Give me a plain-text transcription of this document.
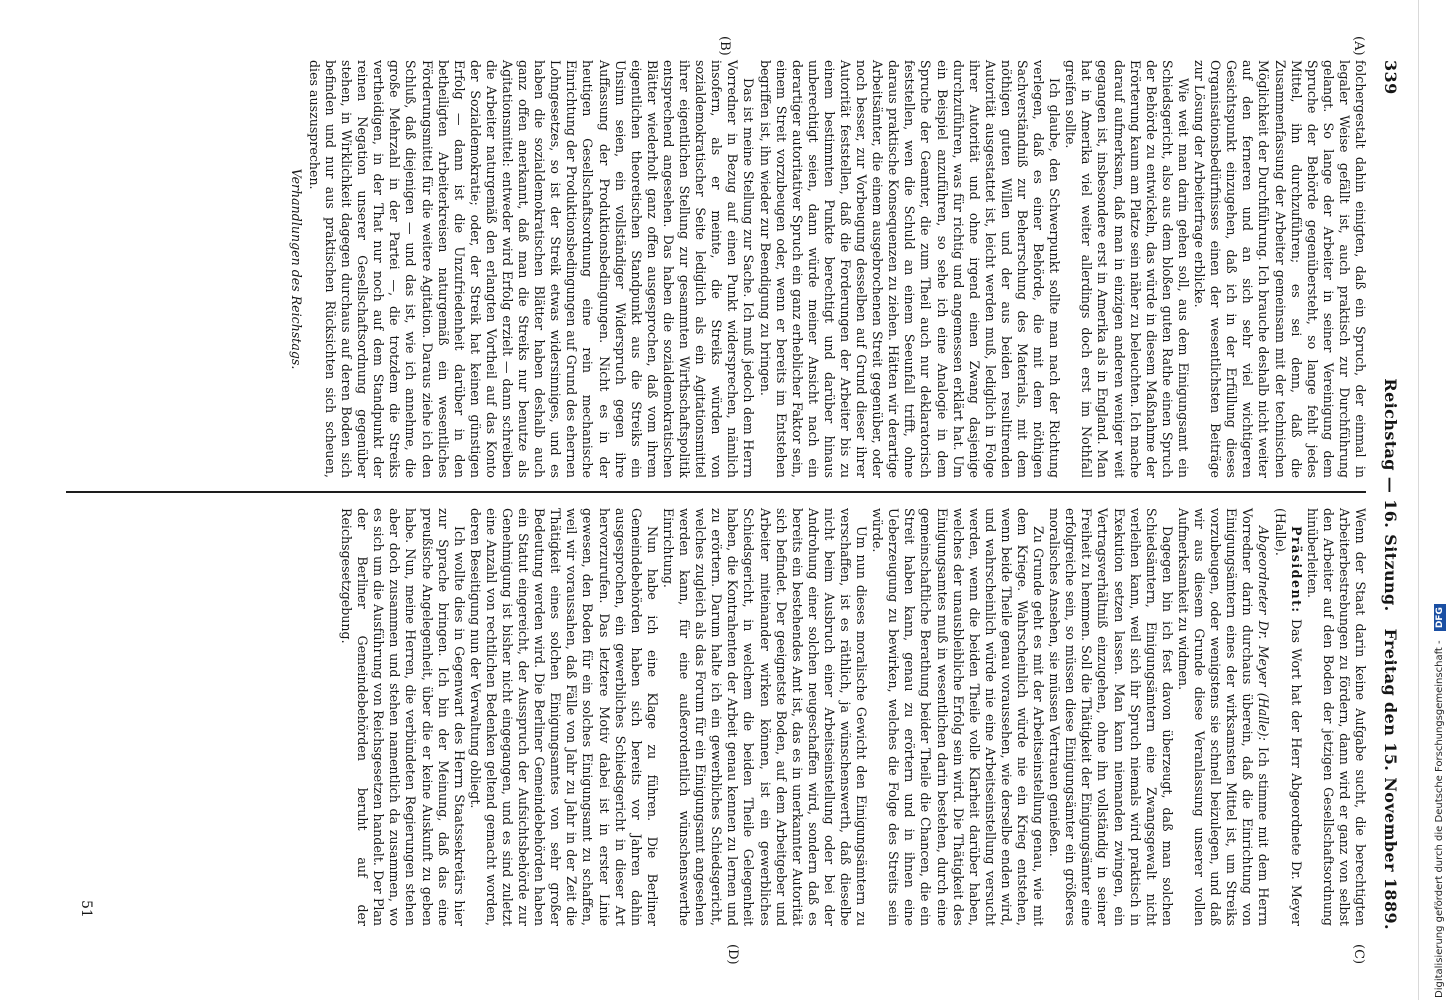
339
Reichstag — 16. Sitzung.
Freitag den 15. November 1889.
(A)
(B)
(C)
(D)

folchergestalt dahin einigten, daß ein Spruch, der einmal in legaler Weise gefällt ist, auch praktisch zur Durchführung gelangt. So lange der Arbeiter in seiner Vereinigung dem Spruche der Behörde gegenübersteht, so lange fehlt jedes Mittel, ihn durchzuführen; es sei denn, daß die Zusammenfassung der Arbeiter gemeinsam mit der technischen Möglichkeit der Durchführung. Ich brauche deshalb nicht weiter auf den ferneren und an sich sehr viel wichtigeren Gesichtspunkt einzugehen, daß ich in der Erfüllung dieses Organisationsbedürfnisses einen der wesentlichsten Beiträge zur Lösung der Arbeiterfrage erblicke.

Wie weit man darin gehen soll, aus dem Einigungsamt ein Schiedsgericht, also aus dem bloßen guten Rathe einen Spruch der Behörde zu entwickeln, das würde in diesem Maßnahme der Erörterung kaum am Platze sein näher zu beleuchten. Ich mache darauf aufmerksam, daß man in einzigen anderen weniger weit gegangen ist, insbesondere erst in Amerika als in England. Man hat in Amerika viel weiter allerdings doch erst im Nothfall greifen sollte.

Ich glaube, den Schwerpunkt sollte man nach der Richtung verlegen, daß es einer Behörde, die mit dem nöthigen Sachverständniß zur Beherrschung des Materials, mit dem nöthigen guten Willen und der aus beiden resultirenden Autorität ausgestattet ist, leicht werden muß, lediglich in Folge ihrer Autorität und ohne irgend einen Zwang dasjenige durchzuführen, was für richtig und angemessen erklärt hat. Um ein Beispiel anzuführen, so sehe ich eine Analogie in dem Spruche der Geamter, die zum Theil auch nur deklaratorisch feststellen, wen die Schuld an einem Seeunfall trifft, ohne daraus praktische Konsequenzen zu ziehen. Hätten wir derartige Arbeitsämter, die einem ausgebrochenen Streit gegenüber, oder noch besser, zur Vorbeugung desselben auf Grund dieser ihrer Autorität feststellen, daß die Forderungen der Arbeiter bis zu einem bestimmten Punkte berechtigt und darüber hinaus unberechtigt seien, dann würde meiner Ansicht nach ein derartiger autoritativer Spruch ein ganz erheblicher Faktor sein, einem Streit vorzubeugen oder, wenn er bereits im Entstehen begriffen ist, ihn wieder zur Beendigung zu bringen.

Das ist meine Stellung zur Sache. Ich muß jedoch dem Herrn Vorredner in Bezug auf einen Punkt widersprechen, nämlich insofern, als er meinte, die Streiks würden von sozialdemokratischer Seite lediglich als ein Agitationsmittel ihrer eigentlichen Stellung zur gesammten Wirthschaftspolitik entsprechend angesehen. Das haben die sozialdemokratischen Blätter wiederholt ganz offen ausgesprochen, daß vom ihrem eigentlichen theoretischen Standpunkt aus die Streiks ein Unsinn seien, ein vollständiger Widerspruch gegen ihre Auffassung der Produktionsbedingungen. Nicht es in der heutigen Gesellschaftsordnung eine rein mechanische Einrichtung der Produktionsbedingungen auf Grund des ehernen Lohngesetzes, so ist der Streik etwas widersinniges, und es haben die sozialdemokratischen Blätter haben deshalb auch ganz offen anerkannt, daß man die Streiks nur benutze als Agitationsmittel: entweder wird Erfolg erzielt — dann schreiben die Arbeiter naturgemäß den erlangten Vortheil auf das Konto der Sozialdemokratie; oder, der Streik hat keinen günstigen Erfolg — dann ist die Unzufriedenheit darüber in den betheiligten Arbeiterkreisen naturgemäß ein wesentliches Förderungsmittel für die weitere Agitation. Daraus ziehe ich den Schluß, daß diejenigen — und das ist, wie ich annehme, die große Mehrzahl in der Partei —, die trotzdem die Streiks vertheidigen, in der That nur noch auf dem Standpunkt der reinen Negation unserer Gesellschaftsordnung gegenüber stehen, in Wirklichkeit dagegen durchaus auf deren Boden sich befinden und nur aus praktischen Rücksichten sich scheuen, dies auszusprechen.

Verhandlungen des Reichstags.

Wenn der Staat darin keine Aufgabe sucht, die berechtigten Arbeiterbestrebungen zu fördern, dann wird er ganz von selbst den Arbeiter auf den Boden der jetzigen Gesellschaftsordnung hinüberleiten.

Präsident: Das Wort hat der Herr Abgeordnete Dr. Meyer (Halle).

Abgeordneter Dr. Meyer (Halle): Ich stimme mit dem Herrn Vorredner darin durchaus überein, daß die Einrichtung von Einigungsämtern eines der wirksamsten Mittel ist, um Streiks vorzubeugen, oder wenigstens sie schnell beizulegen, und daß wir aus diesem Grunde diese Veranlassung unserer vollen Aufmerksamkeit zu widmen.

Dagegen bin ich fest davon überzeugt, daß man solchen Schiedsämtern, Einigungsämtern eine Zwangsgewalt nicht verleihen kann, weil sich ihr Spruch niemals wird praktisch in Exekution setzen lassen. Man kann niemanden zwingen, ein Vertragsverhältniß einzugehen, ohne ihn vollständig in seiner Freiheit zu hemmen. Soll die Thätigkeit der Einigungsämter eine erfolgreiche sein, so müssen diese Einigungsämter ein größeres moralisches Ansehen, sie müssen Vertrauen genießen.

Zu Grunde geht es mit der Arbeitseinstellung genau, wie mit dem Kriege. Wahrscheinlich würde nie ein Krieg entstehen, wenn beide Theile genau voraussehen, wie derselbe enden wird, und wahrscheinlich würde nie eine Arbeitseinstellung versucht werden, wenn die beiden Theile volle Klarheit darüber haben, welches der unausbleibliche Erfolg sein wird. Die Thätigkeit des Einigungsamtes muß in wesentlichen darin bestehen, durch eine gemeinschaftliche Berathung beider Theile die Chancen, die ein Streit haben kann, genau zu erörtern und in ihnen eine Ueberzeugung zu bewirken, welches die Folge des Streits sein würde.

Um nun dieses moralische Gewicht den Einigungsämtern zu verschaffen, ist es räthlich, ja wünschenswerth, daß dieselbe nicht beim Ausbruch einer Arbeitseinstellung oder bei der Androhung einer solchen neugeschaffen wird, sondern daß es bereits ein bestehendes Amt ist, das es in unerkannter Autorität sich befindet. Der geeignetste Boden, auf dem Arbeitgeber und Arbeiter miteinander wirken können, ist ein gewerbliches Schiedsgericht, in welchem die beiden Theile Gelegenheit haben, die Kontrahenten der Arbeit genau kennen zu lernen und zu erörtern. Darum halte ich ein gewerbliches Schiedsgericht, welches zugleich als das Forum für ein Einigungsamt angesehen werden kann, für eine außerordentlich wünschenswerthe Einrichtung.

Nun habe ich eine Klage zu führen. Die Berliner Gemeindebehörden haben sich bereits vor Jahren dahin ausgesprochen, ein gewerbliches Schiedsgericht in dieser Art hervorzurufen. Das letztere Motiv dabei ist in erster Linie gewesen, den Boden für ein solches Einigungsamt zu schaffen, weil wir voraussahen, daß Fälle von Jahr zu Jahr in der Zeit die Thätigkeit eines solchen Einigungsamtes von sehr großer Bedeutung werden wird. Die Berliner Gemeindebehörden haben ein Statut eingereicht, der Ausspruch der Aufsichtsbehörde zur Genehmigung ist bisher nicht eingegangen, und es sind zuletzt eine Anzahl von rechtlichen Bedenken geltend gemacht worden, deren Beseitigung nun der Verwaltung obliegt.

Ich wollte dies in Gegenwart des Herrn Staatssekretärs hier zur Sprache bringen. Ich bin der Meinung, daß das eine preußische Angelegenheit, über die er keine Auskunft zu geben habe. Nun, meine Herren, die verbündeten Regierungen stehen aber doch zusammen und stehen namentlich da zusammen, wo es sich um die Ausführung von Reichsgesetzen handelt. Der Plan der Berliner Gemeindebehörden beruht auf der Reichsgesetzgebung.

51	Digitalisierung gefördert durch die Deutsche Forschungsgemeinschaft - DFG
